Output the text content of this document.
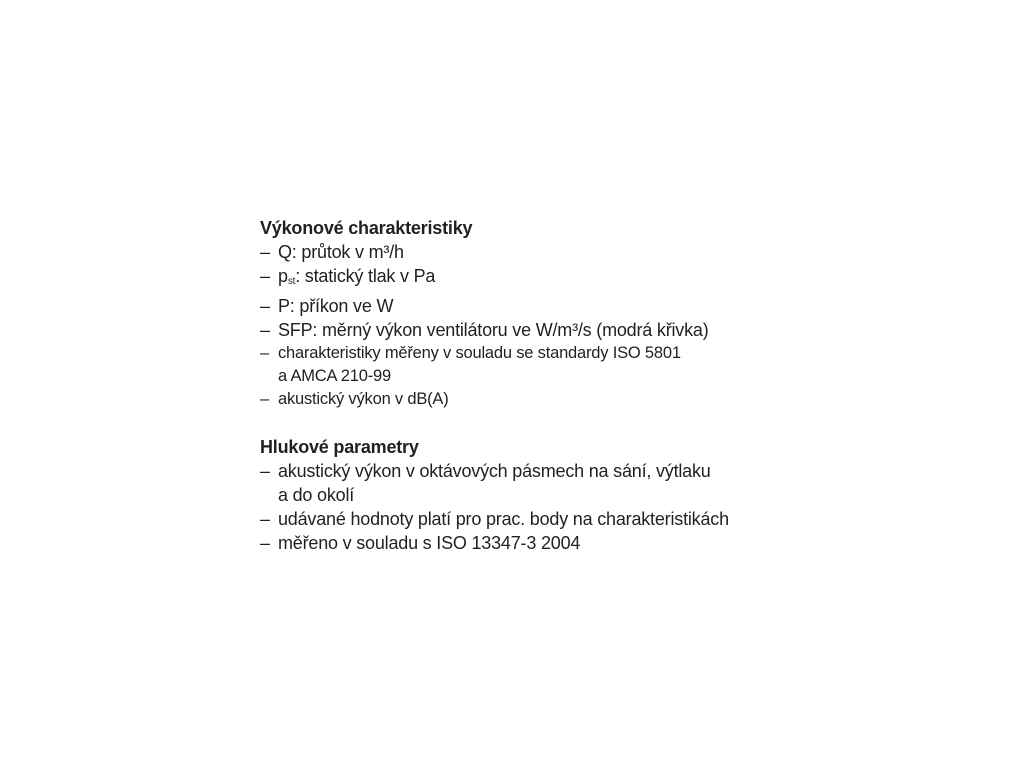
Výkonové charakteristiky

– Q: průtok v m³/h

– $p_{st}$: statický tlak v Pa

– P: příkon ve W

– SFP: měrný výkon ventilátoru ve W/m³/s (modrá křivka)

– charakteristiky měřeny v souladu se standardy ISO 5801
a AMCA 210-99

– akustický výkon v dB(A)

Hlukové parametry

– akustický výkon v oktávových pásmech na sání, výtlaku
a do okolí

– udávané hodnoty platí pro prac. body na charakteristikách

– měřeno v souladu s ISO 13347-3 2004
